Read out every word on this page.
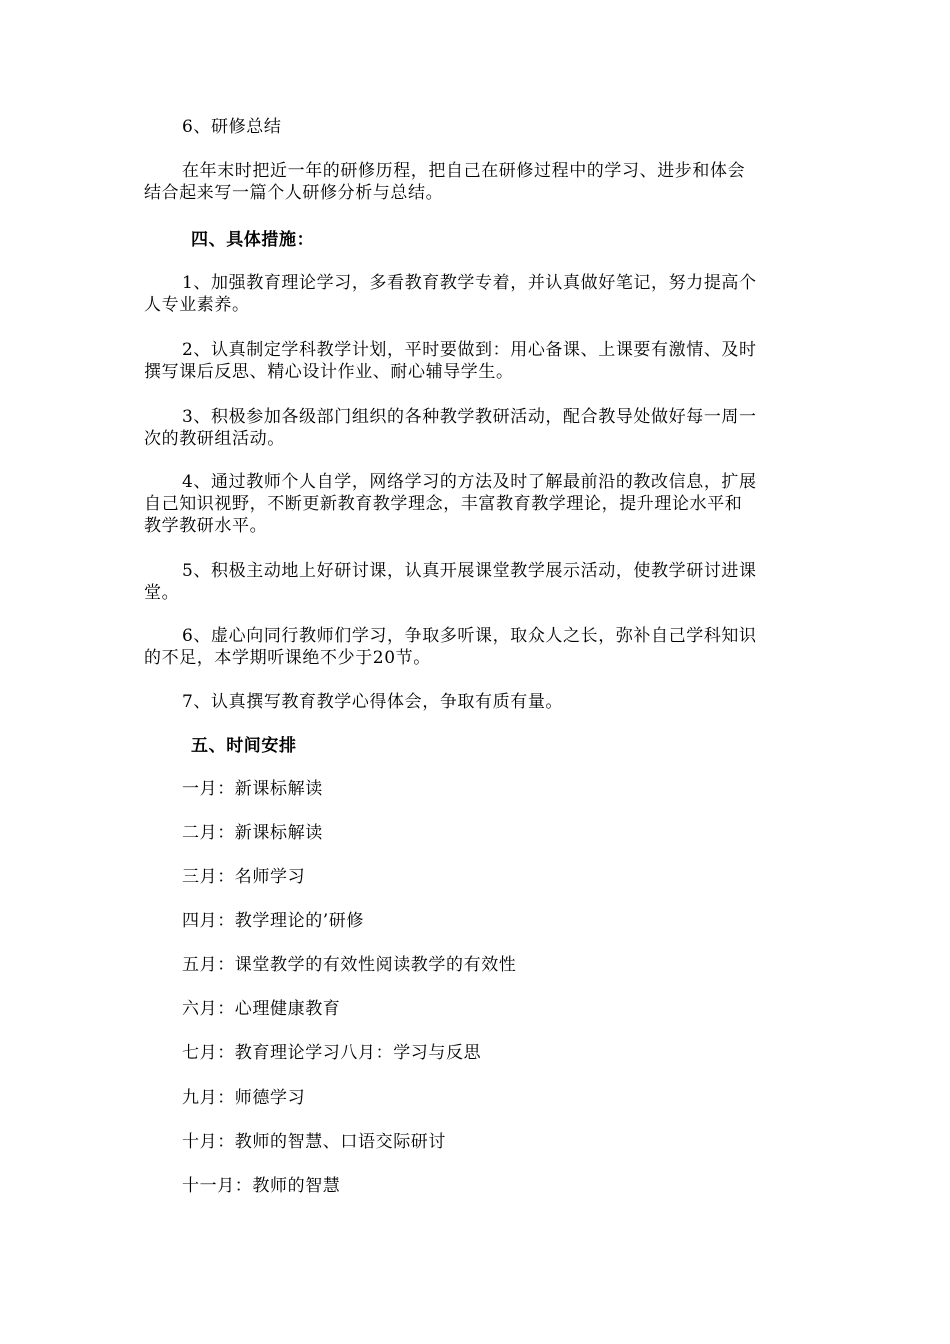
6、研修总结
在年末时把近一年的研修历程，把自己在研修过程中的学习、进步和体会
结合起来写一篇个人研修分析与总结。
四、具体措施：
1、加强教育理论学习，多看教育教学专着，并认真做好笔记，努力提高个
人专业素养。
2、认真制定学科教学计划，平时要做到：用心备课、上课要有激情、及时
撰写课后反思、精心设计作业、耐心辅导学生。
3、积极参加各级部门组织的各种教学教研活动，配合教导处做好每一周一
次的教研组活动。
4、通过教师个人自学，网络学习的方法及时了解最前沿的教改信息，扩展
自己知识视野，不断更新教育教学理念，丰富教育教学理论，提升理论水平和
教学教研水平。
5、积极主动地上好研讨课，认真开展课堂教学展示活动，使教学研讨进课
堂。
6、虚心向同行教师们学习，争取多听课，取众人之长，弥补自己学科知识
的不足，本学期听课绝不少于20节。
7、认真撰写教育教学心得体会，争取有质有量。
五、时间安排
一月：新课标解读
二月：新课标解读
三月：名师学习
四月：教学理论的’研修
五月：课堂教学的有效性阅读教学的有效性
六月：心理健康教育
七月：教育理论学习八月：学习与反思
九月：师德学习
十月：教师的智慧、口语交际研讨
十一月：教师的智慧
